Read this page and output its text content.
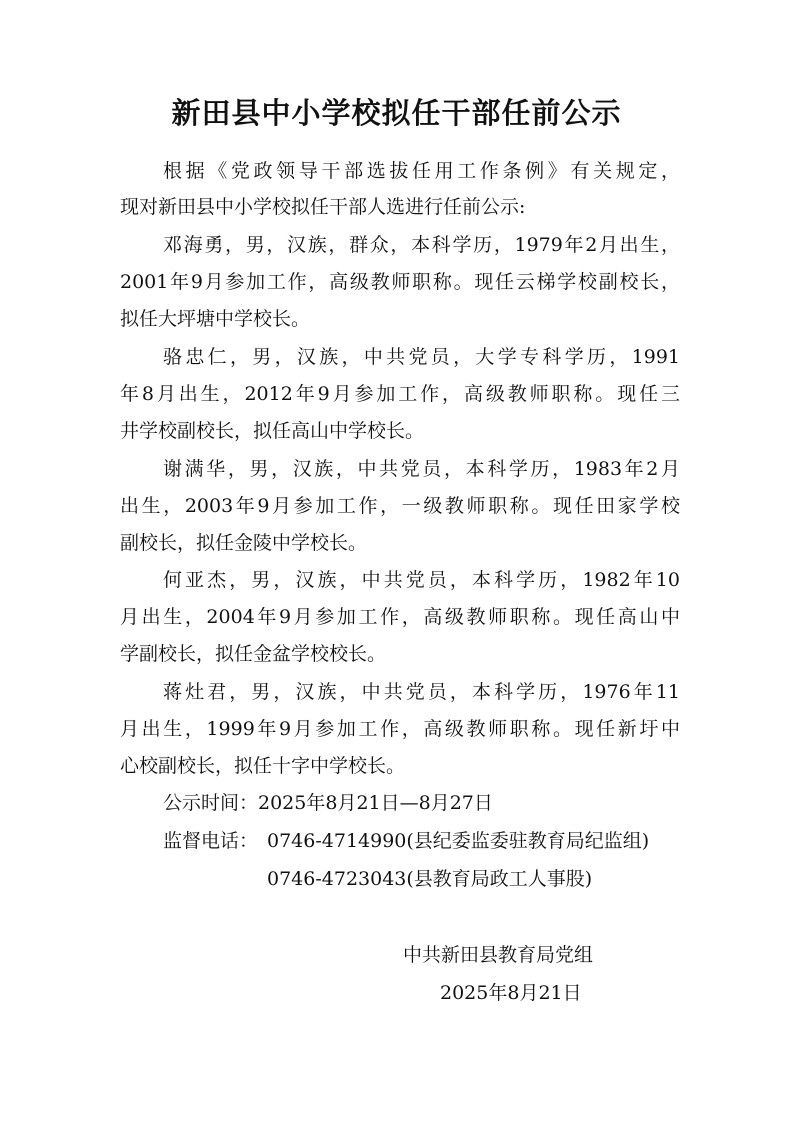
新田县中小学校拟任干部任前公示
根据《党政领导干部选拔任用工作条例》有关规定，
现对新田县中小学校拟任干部人选进行任前公示:
邓海勇，男，汉族，群众，本科学历，1979年2月出生，
2001年9月参加工作，高级教师职称。现任云梯学校副校长，
拟任大坪塘中学校长。
骆忠仁，男，汉族，中共党员，大学专科学历，1991
年8月出生，2012年9月参加工作，高级教师职称。现任三
井学校副校长，拟任高山中学校长。
谢满华，男，汉族，中共党员，本科学历，1983年2月
出生，2003年9月参加工作，一级教师职称。现任田家学校
副校长，拟任金陵中学校长。
何亚杰，男，汉族，中共党员，本科学历，1982年10
月出生，2004年9月参加工作，高级教师职称。现任高山中
学副校长，拟任金盆学校校长。
蒋灶君，男，汉族，中共党员，本科学历，1976年11
月出生，1999年9月参加工作，高级教师职称。现任新圩中
心校副校长，拟任十字中学校长。
公示时间：2025年8月21日—8月27日
监督电话： 0746-4714990(县纪委监委驻教育局纪监组)
0746-4723043(县教育局政工人事股)
中共新田县教育局党组
2025年8月21日
